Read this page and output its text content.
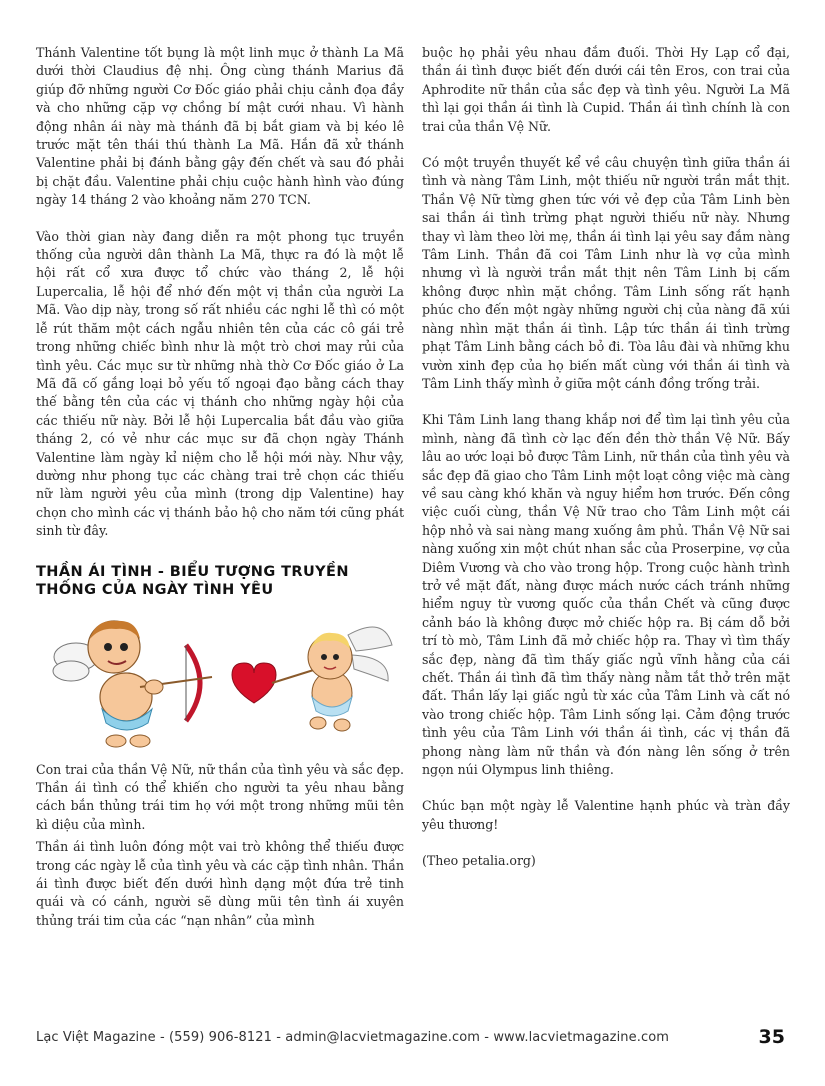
Thánh Valentine tốt bụng là một linh mục ở thành La Mã dưới thời Claudius đệ nhị. Ông cùng thánh Marius đã giúp đỡ những người Cơ Đốc giáo phải chịu cảnh đọa đầy và cho những cặp vợ chồng bí mật cưới nhau. Vì hành động nhân ái này mà thánh đã bị bắt giam và bị kéo lê trước mặt tên thái thú thành La Mã. Hắn đã xử thánh Valentine phải bị đánh bằng gậy đến chết và sau đó phải bị chặt đầu. Valentine phải chịu cuộc hành hình vào đúng ngày 14 tháng 2 vào khoảng năm 270 TCN.

Vào thời gian này đang diễn ra một phong tục truyền thống của người dân thành La Mã, thực ra đó là một lễ hội rất cổ xưa được tổ chức vào tháng 2, lễ hội Lupercalia, lễ hội để nhớ đến một vị thần của người La Mã. Vào dịp này, trong số rất nhiều các nghi lễ thì có một lễ rút thăm một cách ngẫu nhiên tên của các cô gái trẻ trong những chiếc bình như là một trò chơi may rủi của tình yêu. Các mục sư từ những nhà thờ Cơ Đốc giáo ở La Mã đã cố gắng loại bỏ yếu tố ngoại đạo bằng cách thay thế bằng tên của các vị thánh cho những ngày hội của các thiếu nữ này. Bởi lễ hội Lupercalia bắt đầu vào giữa tháng 2, có vẻ như các mục sư đã chọn ngày Thánh Valentine làm ngày kỉ niệm cho lễ hội mới này. Như vậy, dường như phong tục các chàng trai trẻ chọn các thiếu nữ làm người yêu của mình (trong dịp Valentine) hay chọn cho mình các vị thánh bảo hộ cho năm tới cũng phát sinh từ đây.

THẦN ÁI TÌNH - BIỂU TƯỢNG TRUYỀN THỐNG CỦA NGÀY TÌNH YÊU

Con trai của thần Vệ Nữ, nữ thần của tình yêu và sắc đẹp. Thần ái tình có thể khiến cho người ta yêu nhau bằng cách bắn thủng trái tim họ với một trong những mũi tên kì diệu của mình.

Thần ái tình luôn đóng một vai trò không thể thiếu được trong các ngày lễ của tình yêu và các cặp tình nhân. Thần ái tình được biết đến dưới hình dạng một đứa trẻ tinh quái và có cánh, người sẽ dùng mũi tên tình ái xuyên thủng trái tim của các “nạn nhân” của mình

buộc họ phải yêu nhau đắm đuối. Thời Hy Lạp cổ đại, thần ái tình được biết đến dưới cái tên Eros, con trai của Aphrodite nữ thần của sắc đẹp và tình yêu. Người La Mã thì lại gọi thần ái tình là Cupid. Thần ái tình chính là con trai của thần Vệ Nữ.

Có một truyền thuyết kể về câu chuyện tình giữa thần ái tình và nàng Tâm Linh, một thiếu nữ người trần mắt thịt. Thần Vệ Nữ từng ghen tức với vẻ đẹp của Tâm Linh bèn sai thần ái tình trừng phạt người thiếu nữ này. Nhưng thay vì làm theo lời mẹ, thần ái tình lại yêu say đắm nàng Tâm Linh. Thần đã coi Tâm Linh như là vợ của mình nhưng vì là người trần mắt thịt nên Tâm Linh bị cấm không được nhìn mặt chồng. Tâm Linh sống rất hạnh phúc cho đến một ngày những người chị của nàng đã xúi nàng nhìn mặt thần ái tình. Lập tức thần ái tình trừng phạt Tâm Linh bằng cách bỏ đi. Tòa lâu đài và những khu vườn xinh đẹp của họ biến mất cùng với thần ái tình và Tâm Linh thấy mình ở giữa một cánh đồng trống trải.

Khi Tâm Linh lang thang khắp nơi để tìm lại tình yêu của mình, nàng đã tình cờ lạc đến đền thờ thần Vệ Nữ. Bấy lâu ao ước loại bỏ được Tâm Linh, nữ thần của tình yêu và sắc đẹp đã giao cho Tâm Linh một loạt công việc mà càng về sau càng khó khăn và nguy hiểm hơn trước. Đến công việc cuối cùng, thần Vệ Nữ trao cho Tâm Linh một cái hộp nhỏ và sai nàng mang xuống âm phủ. Thần Vệ Nữ sai nàng xuống xin một chút nhan sắc của Proserpine, vợ của Diêm Vương và cho vào trong hộp. Trong cuộc hành trình trở về mặt đất, nàng được mách nước cách tránh những hiểm nguy từ vương quốc của thần Chết và cũng được cảnh báo là không được mở chiếc hộp ra. Bị cám dỗ bởi trí tò mò, Tâm Linh đã mở chiếc hộp ra. Thay vì tìm thấy sắc đẹp, nàng đã tìm thấy giấc ngủ vĩnh hằng của cái chết. Thần ái tình đã tìm thấy nàng nằm tắt thở trên mặt đất. Thần lấy lại giấc ngủ từ xác của Tâm Linh và cất nó vào trong chiếc hộp. Tâm Linh sống lại. Cảm động trước tình yêu của Tâm Linh với thần ái tình, các vị thần đã phong nàng làm nữ thần và đón nàng lên sống ở trên ngọn núi Olympus linh thiêng.

Chúc bạn một ngày lễ Valentine hạnh phúc và tràn đầy yêu thương!

(Theo petalia.org)

Lạc Việt Magazine - (559) 906-8121 - admin@lacvietmagazine.com - www.lacvietmagazine.com	35
